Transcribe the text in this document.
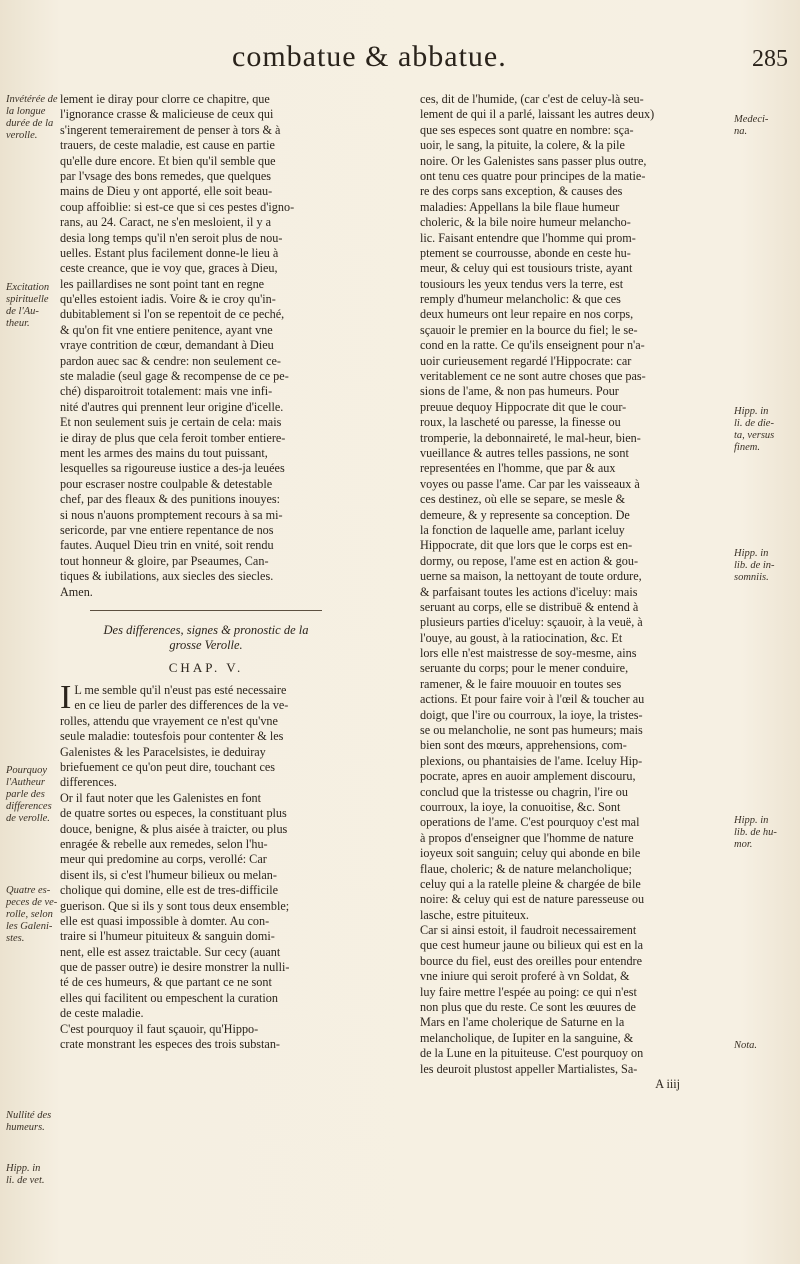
combatue & abbatue.	285
Invétérée de
la longue
durée de la
verolle.
Excitation
spirituelle
de l'Au-
theur.
Pourquoy
l'Autheur
parle des
differences
de verolle.
Quatre es-
peces de ve-
rolle, selon
les Galeni-
stes.
Nullité des
humeurs.
Hipp. in
li. de vet.
Medeci-
na.
Hipp. in
li. de die-
ta, versus
finem.
Hipp. in
lib. de in-
somniis.
Hipp. in
lib. de hu-
mor.
Nota.
lement ie diray pour clorre ce chapitre, que
l'ignorance crasse & malicieuse de ceux qui
s'ingerent temerairement de penser à tors & à
trauers, de ceste maladie, est cause en partie
qu'elle dure encore. Et bien qu'il semble que
par l'vsage des bons remedes, que quelques
mains de Dieu y ont apporté, elle soit beau-
coup affoiblie: si est-ce que si ces pestes d'igno-
rans, au 24. Caract, ne s'en mesloient, il y a
desia long temps qu'il n'en seroit plus de nou-
uelles. Estant plus facilement donne-le lieu à
ceste creance, que ie voy que, graces à Dieu,
les paillardises ne sont point tant en regne
qu'elles estoient iadis. Voire & ie croy qu'in-
dubitablement si l'on se repentoit de ce peché,
& qu'on fit vne entiere penitence, ayant vne
vraye contrition de cœur, demandant à Dieu
pardon auec sac & cendre: non seulement ce-
ste maladie (seul gage & recompense de ce pe-
ché) disparoitroit totalement: mais vne infi-
nité d'autres qui prennent leur origine d'icelle.
Et non seulement suis je certain de cela: mais
ie diray de plus que cela feroit tomber entiere-
ment les armes des mains du tout puissant,
lesquelles sa rigoureuse iustice a des-ja leuées
pour escraser nostre coulpable & detestable
chef, par des fleaux & des punitions inouyes:
si nous n'auons promptement recours à sa mi-
sericorde, par vne entiere repentance de nos
fautes. Auquel Dieu trin en vnité, soit rendu
tout honneur & gloire, par Pseaumes, Can-
tiques & iubilations, aux siecles des siecles.
Amen.
Des differences, signes & pronostic de la
grosse Verolle.
CHAP. V.
I L me semble qu'il n'eust pas esté necessaire
en ce lieu de parler des differences de la ve-
rolles, attendu que vrayement ce n'est qu'vne
seule maladie: toutesfois pour contenter & les
Galenistes & les Paracelsistes, ie deduiray
briefuement ce qu'on peut dire, touchant ces
differences.
Or il faut noter que les Galenistes en font
de quatre sortes ou especes, la constituant plus
douce, benigne, & plus aisée à traicter, ou plus
enragée & rebelle aux remedes, selon l'hu-
meur qui predomine au corps, verollé: Car
disent ils, si c'est l'humeur bilieux ou melan-
cholique qui domine, elle est de tres-difficile
guerison. Que si ils y sont tous deux ensemble;
elle est quasi impossible à domter. Au con-
traire si l'humeur pituiteux & sanguin domi-
nent, elle est assez traictable. Sur cecy (auant
que de passer outre) ie desire monstrer la nulli-
té de ces humeurs, & que partant ce ne sont
elles qui facilitent ou empeschent la curation
de ceste maladie.
C'est pourquoy il faut sçauoir, qu'Hippo-
crate monstrant les especes des trois substan-
ces, dit de l'humide, (car c'est de celuy-là seu-
lement de qui il a parlé, laissant les autres deux)
que ses especes sont quatre en nombre: sça-
uoir, le sang, la pituite, la colere, & la pile
noire. Or les Galenistes sans passer plus outre,
ont tenu ces quatre pour principes de la matie-
re des corps sans exception, & causes des
maladies: Appellans la bile flaue humeur
choleric, & la bile noire humeur melancho-
lic. Faisant entendre que l'homme qui prom-
ptement se courrousse, abonde en ceste hu-
meur, & celuy qui est tousiours triste, ayant
tousiours les yeux tendus vers la terre, est
remply d'humeur melancholic: & que ces
deux humeurs ont leur repaire en nos corps,
sçauoir le premier en la bource du fiel; le se-
cond en la ratte. Ce qu'ils enseignent pour n'a-
uoir curieusement regardé l'Hippocrate: car
veritablement ce ne sont autre choses que pas-
sions de l'ame, & non pas humeurs. Pour
preuue dequoy Hippocrate dit que le cour-
roux, la lascheté ou paresse, la finesse ou
tromperie, la debonnaireté, le mal-heur, bien-
vueillance & autres telles passions, ne sont
representées en l'homme, que par & aux
voyes ou passe l'ame. Car par les vaisseaux à
ces destinez, où elle se separe, se mesle &
demeure, & y represente sa conception. De
la fonction de laquelle ame, parlant iceluy
Hippocrate, dit que lors que le corps est en-
dormy, ou repose, l'ame est en action & gou-
uerne sa maison, la nettoyant de toute ordure,
& parfaisant toutes les actions d'iceluy: mais
seruant au corps, elle se distribuë & entend à
plusieurs parties d'iceluy: sçauoir, à la veuë, à
l'ouye, au goust, à la ratiocination, &c. Et
lors elle n'est maistresse de soy-mesme, ains
seruante du corps; pour le mener conduire,
ramener, & le faire mouuoir en toutes ses
actions. Et pour faire voir à l'œil & toucher au
doigt, que l'ire ou courroux, la ioye, la tristes-
se ou melancholie, ne sont pas humeurs; mais
bien sont des mœurs, apprehensions, com-
plexions, ou phantaisies de l'ame. Iceluy Hip-
pocrate, apres en auoir amplement discouru,
conclud que la tristesse ou chagrin, l'ire ou
courroux, la ioye, la conuoitise, &c. Sont
operations de l'ame. C'est pourquoy c'est mal
à propos d'enseigner que l'homme de nature
ioyeux soit sanguin; celuy qui abonde en bile
flaue, choleric; & de nature melancholique;
celuy qui a la ratelle pleine & chargée de bile
noire: & celuy qui est de nature paresseuse ou
lasche, estre pituiteux.
Car si ainsi estoit, il faudroit necessairement
que cest humeur jaune ou bilieux qui est en la
bource du fiel, eust des oreilles pour entendre
vne iniure qui seroit proferé à vn Soldat, &
luy faire mettre l'espée au poing: ce qui n'est
non plus que du reste. Ce sont les œuures de
Mars en l'ame cholerique de Saturne en la
melancholique, de Iupiter en la sanguine, &
de la Lune en la pituiteuse. C'est pourquoy on
les deuroit plustost appeller Martialistes, Sa-
A iiij
